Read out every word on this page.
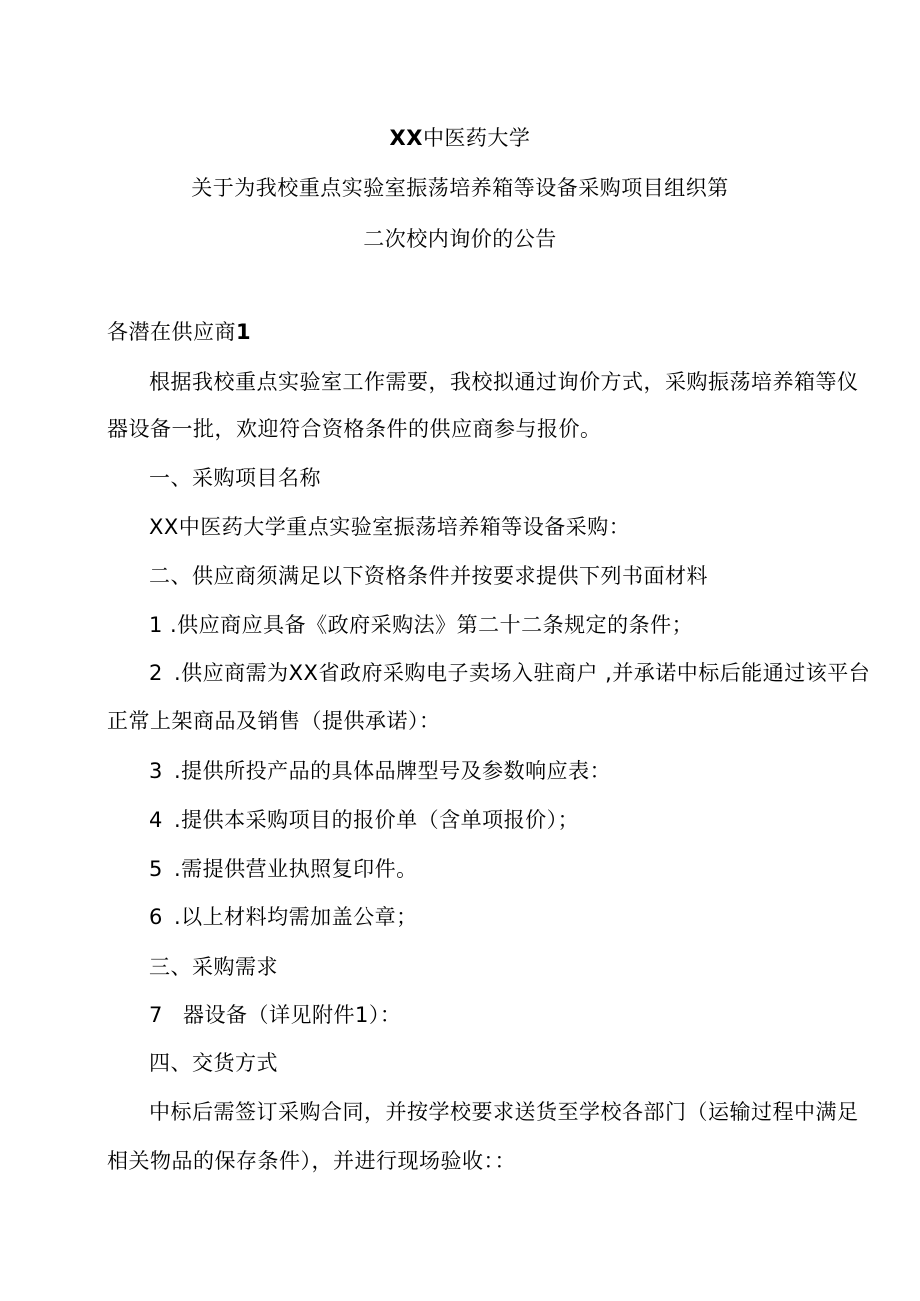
XX中医药大学
关于为我校重点实验室振荡培养箱等设备采购项目组织第
二次校内询价的公告
各潜在供应商1
根据我校重点实验室工作需要，我校拟通过询价方式，采购振荡培养箱等仪
器设备一批，欢迎符合资格条件的供应商参与报价。
一、采购项目名称
XX中医药大学重点实验室振荡培养箱等设备采购：
二、供应商须满足以下资格条件并按要求提供下列书面材料
1 .供应商应具备《政府采购法》第二十二条规定的条件；
2 .供应商需为XX省政府采购电子卖场入驻商户 ,并承诺中标后能通过该平台
正常上架商品及销售（提供承诺）：
3 .提供所投产品的具体品牌型号及参数响应表：
4 .提供本采购项目的报价单（含单项报价）；
5 .需提供营业执照复印件。
6 .以上材料均需加盖公章；
三、采购需求
7 器设备（详见附件1）：
四、交货方式
中标后需签订采购合同，并按学校要求送货至学校各部门（运输过程中满足
相关物品的保存条件），并进行现场验收：：
